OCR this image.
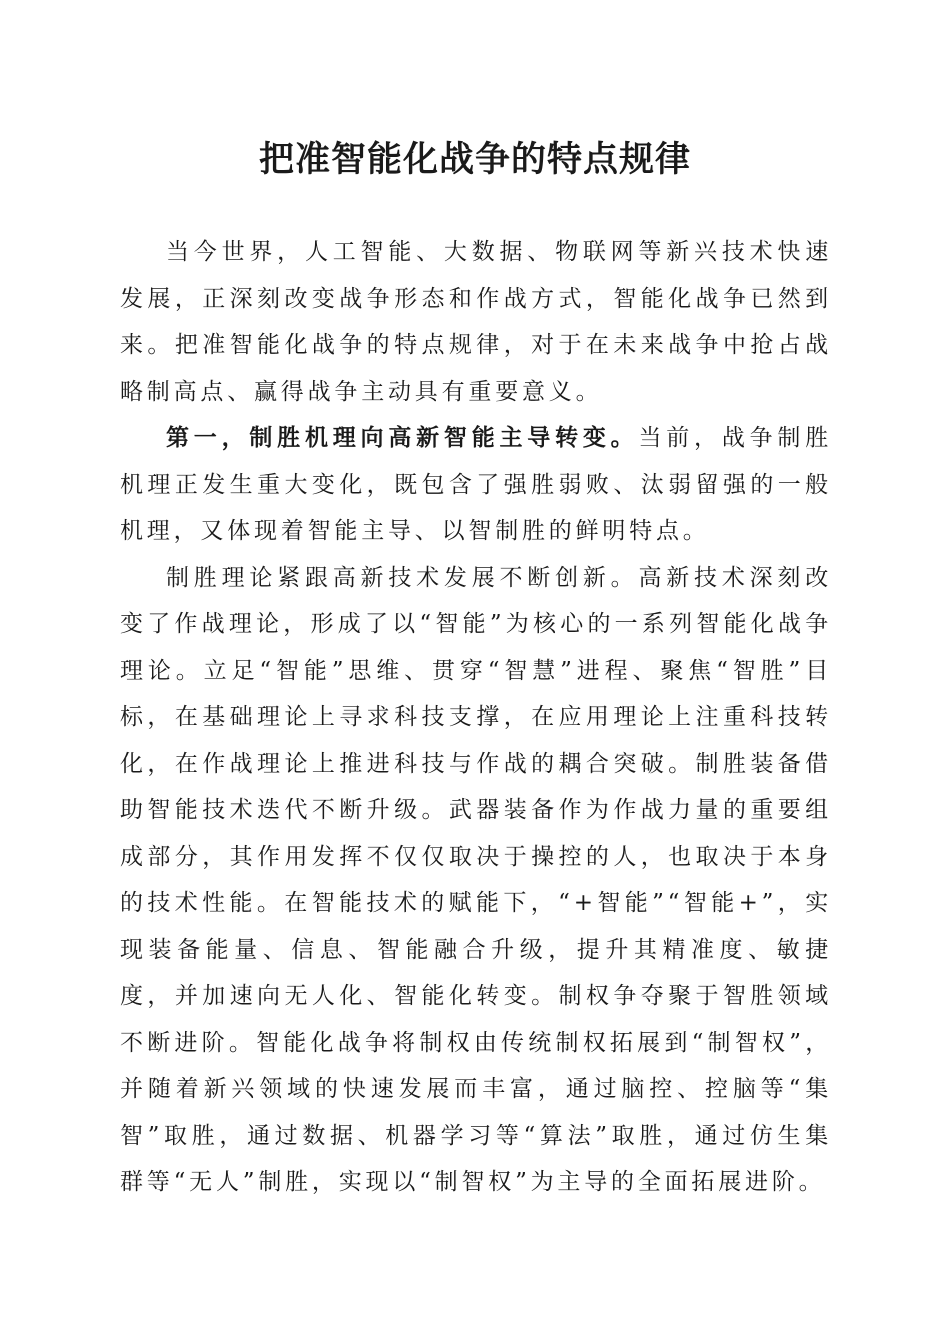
把准智能化战争的特点规律

当今世界，人工智能、大数据、物联网等新兴技术快速发展，正深刻改变战争形态和作战方式，智能化战争已然到来。把准智能化战争的特点规律，对于在未来战争中抢占战略制高点、赢得战争主动具有重要意义。

第一，制胜机理向高新智能主导转变。当前，战争制胜机理正发生重大变化，既包含了强胜弱败、汰弱留强的一般机理，又体现着智能主导、以智制胜的鲜明特点。

制胜理论紧跟高新技术发展不断创新。高新技术深刻改变了作战理论，形成了以“智能”为核心的一系列智能化战争理论。立足“智能”思维、贯穿“智慧”进程、聚焦“智胜”目标，在基础理论上寻求科技支撑，在应用理论上注重科技转化，在作战理论上推进科技与作战的耦合突破。制胜装备借助智能技术迭代不断升级。武器装备作为作战力量的重要组成部分，其作用发挥不仅仅取决于操控的人，也取决于本身的技术性能。在智能技术的赋能下，“+智能”“智能+”，实现装备能量、信息、智能融合升级，提升其精准度、敏捷度，并加速向无人化、智能化转变。制权争夺聚于智胜领域不断进阶。智能化战争将制权由传统制权拓展到“制智权”，并随着新兴领域的快速发展而丰富，通过脑控、控脑等“集智”取胜，通过数据、机器学习等“算法”取胜，通过仿生集群等“无人”制胜，实现以“制智权”为主导的全面拓展进阶。
